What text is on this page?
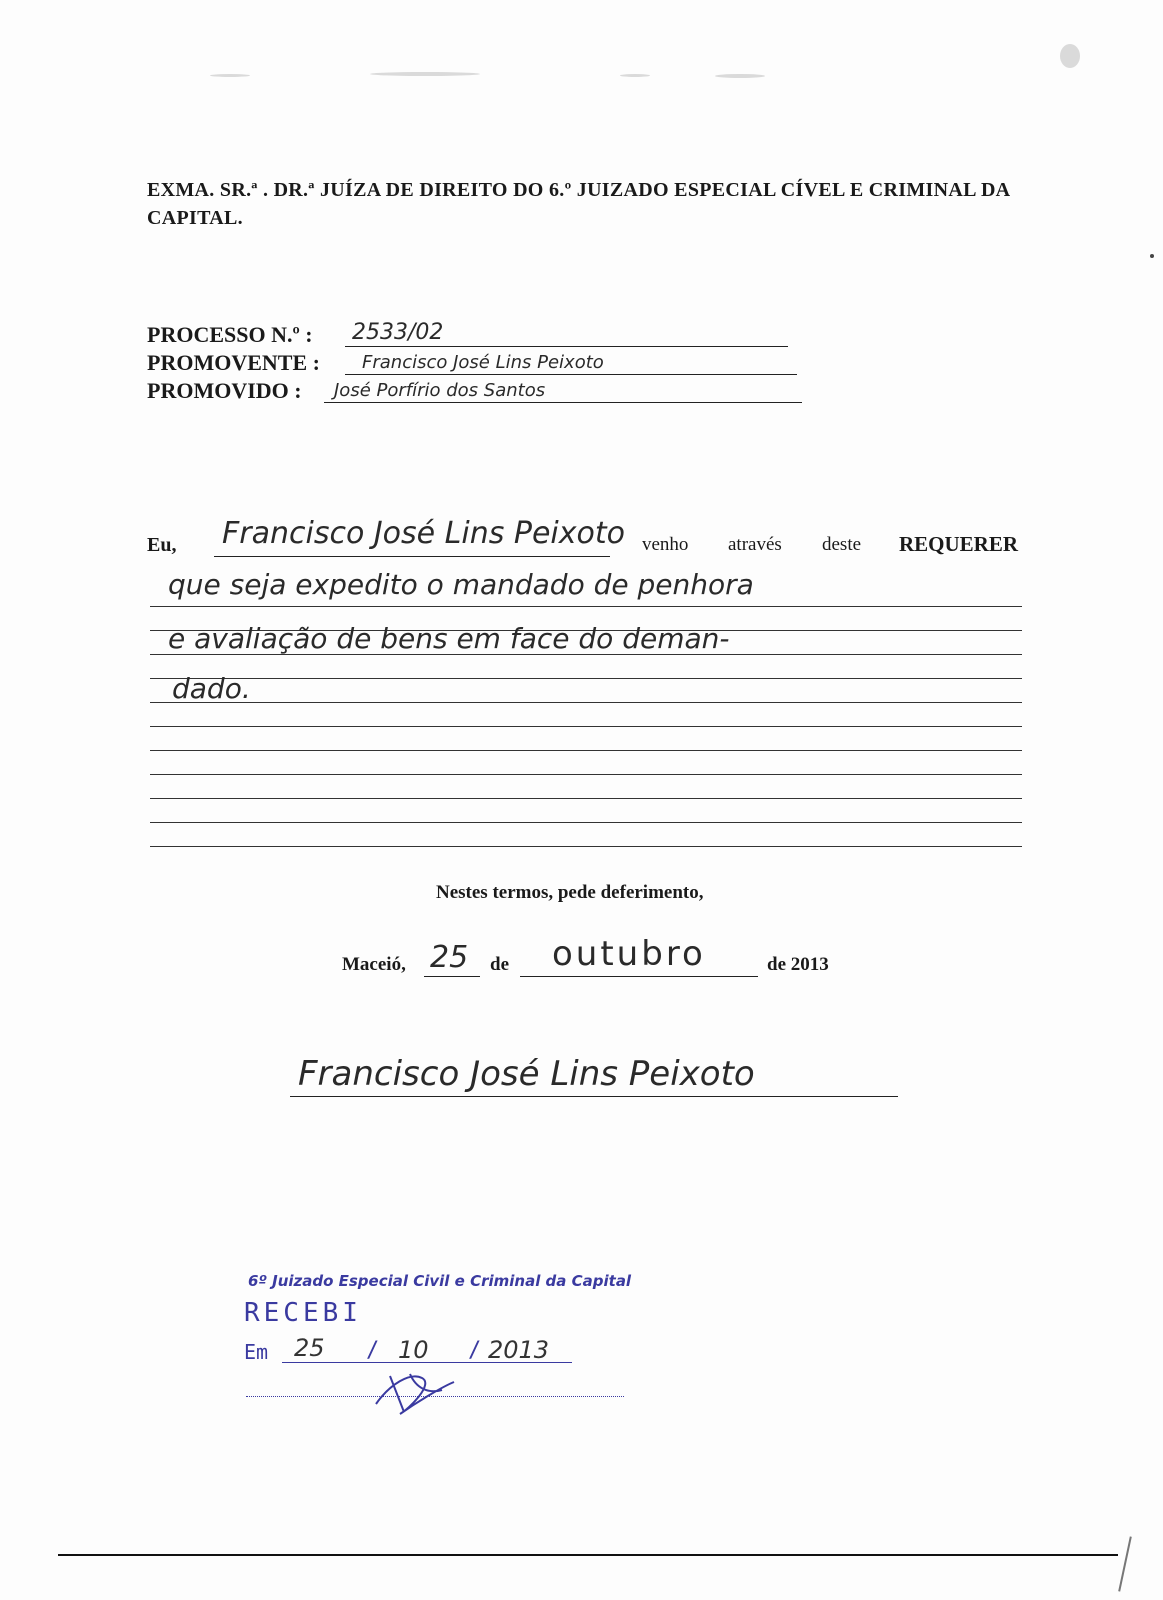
EXMA. SR.ª . DR.ª JUÍZA DE DIREITO DO 6.º JUIZADO ESPECIAL CÍVEL E CRIMINAL DA CAPITAL.
PROCESSO N.º : 2533/02
PROMOVENTE : Francisco José Lins Peixoto
PROMOVIDO : José Porfírio dos Santos
Eu, Francisco José Lins Peixoto venho através deste REQUERER
que seja expedito o mandado de penhora
e avaliação de bens em face do deman-
dado.
Nestes termos, pede deferimento,
Maceió, 25 de outubro	de 2013
Francisco José Lins Peixoto
6º Juizado Especial Civil e Criminal da Capital
RECEBI
Em 25 / 10 / 2013
